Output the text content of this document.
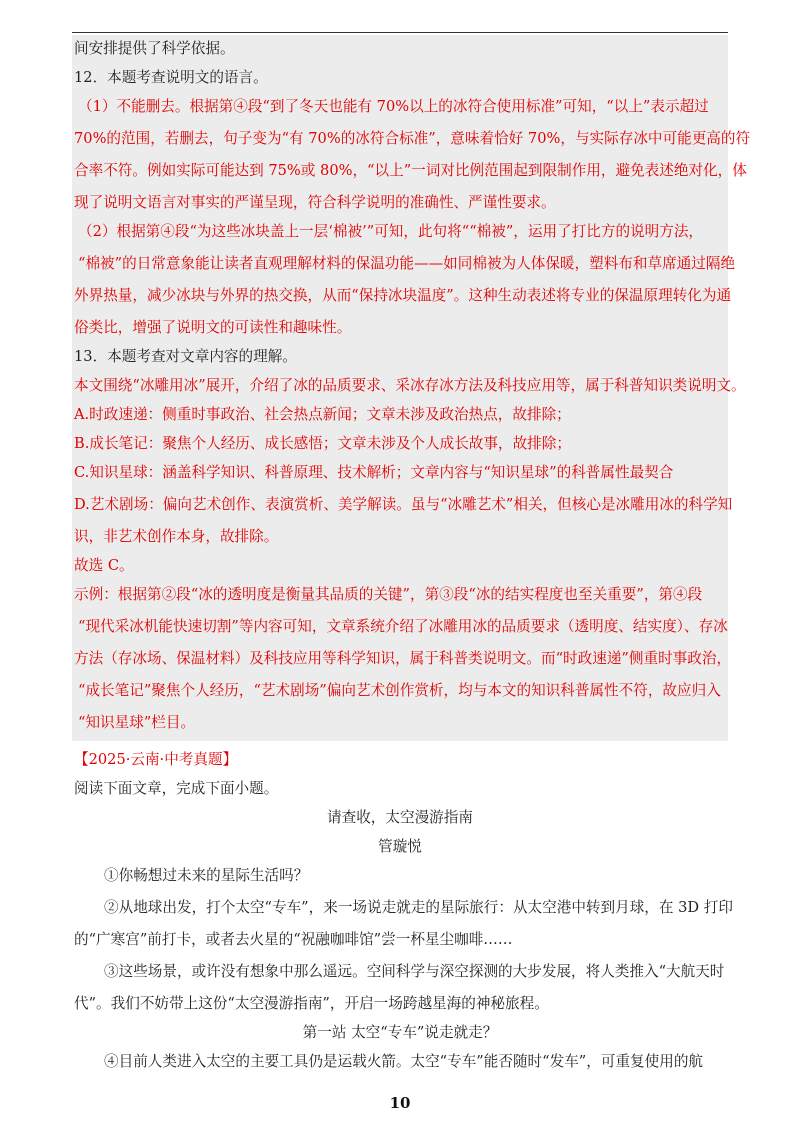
间安排提供了科学依据。
12．本题考查说明文的语言。
（1）不能删去。根据第④段“到了冬天也能有 70%以上的冰符合使用标准”可知，“以上”表示超过
70%的范围，若删去，句子变为“有 70%的冰符合标准”，意味着恰好 70%，与实际存冰中可能更高的符
合率不符。例如实际可能达到 75%或 80%，“以上”一词对比例范围起到限制作用，避免表述绝对化，体
现了说明文语言对事实的严谨呈现，符合科学说明的准确性、严谨性要求。
（2）根据第④段“为这些冰块盖上一层‘棉被’”可知，此句将““棉被”，运用了打比方的说明方法，
“棉被”的日常意象能让读者直观理解材料的保温功能——如同棉被为人体保暖，塑料布和草席通过隔绝
外界热量，减少冰块与外界的热交换，从而“保持冰块温度”。这种生动表述将专业的保温原理转化为通
俗类比，增强了说明文的可读性和趣味性。
13．本题考查对文章内容的理解。
本文围绕“冰雕用冰”展开，介绍了冰的品质要求、采冰存冰方法及科技应用等，属于科普知识类说明文。
A.时政速递：侧重时事政治、社会热点新闻；文章未涉及政治热点，故排除；
B.成长笔记：聚焦个人经历、成长感悟；文章未涉及个人成长故事，故排除；
C.知识星球：涵盖科学知识、科普原理、技术解析；文章内容与“知识星球”的科普属性最契合
D.艺术剧场：偏向艺术创作、表演赏析、美学解读。虽与“冰雕艺术”相关，但核心是冰雕用冰的科学知
识，非艺术创作本身，故排除。
故选 C。
示例：根据第②段“冰的透明度是衡量其品质的关键”，第③段“冰的结实程度也至关重要”，第④段
“现代采冰机能快速切割”等内容可知，文章系统介绍了冰雕用冰的品质要求（透明度、结实度）、存冰
方法（存冰场、保温材料）及科技应用等科学知识，属于科普类说明文。而“时政速递”侧重时事政治，
“成长笔记”聚焦个人经历，“艺术剧场”偏向艺术创作赏析，均与本文的知识科普属性不符，故应归入
“知识星球”栏目。
【2025·云南·中考真题】
阅读下面文章，完成下面小题。
请查收，太空漫游指南
管璇悦
①你畅想过未来的星际生活吗？
②从地球出发，打个太空“专车”，来一场说走就走的星际旅行：从太空港中转到月球，在 3D 打印
的“广寒宫”前打卡，或者去火星的“祝融咖啡馆”尝一杯星尘咖啡……
③这些场景，或许没有想象中那么遥远。空间科学与深空探测的大步发展，将人类推入“大航天时
代”。我们不妨带上这份“太空漫游指南”，开启一场跨越星海的神秘旅程。
第一站 太空“专车”说走就走？
④目前人类进入太空的主要工具仍是运载火箭。太空“专车”能否随时“发车”，可重复使用的航
10
